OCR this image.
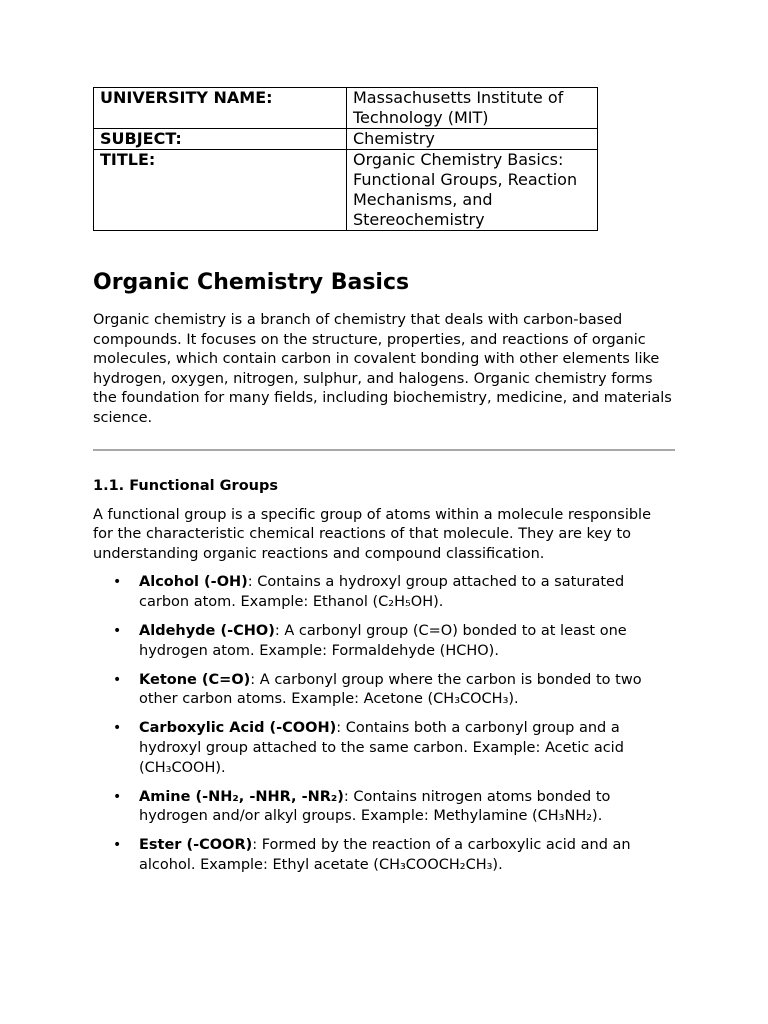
UNIVERSITY NAME:	Massachusetts Institute of Technology (MIT)
SUBJECT:	Chemistry
TITLE:	Organic Chemistry Basics: Functional Groups, Reaction Mechanisms, and Stereochemistry
Organic Chemistry Basics

Organic chemistry is a branch of chemistry that deals with carbon-based compounds. It focuses on the structure, properties, and reactions of organic molecules, which contain carbon in covalent bonding with other elements like hydrogen, oxygen, nitrogen, sulphur, and halogens. Organic chemistry forms the foundation for many fields, including biochemistry, medicine, and materials science.

1.1. Functional Groups

A functional group is a specific group of atoms within a molecule responsible for the characteristic chemical reactions of that molecule. They are key to understanding organic reactions and compound classification.

• Alcohol (-OH): Contains a hydroxyl group attached to a saturated carbon atom. Example: Ethanol (C₂H₅OH).
• Aldehyde (-CHO): A carbonyl group (C=O) bonded to at least one hydrogen atom. Example: Formaldehyde (HCHO).
• Ketone (C=O): A carbonyl group where the carbon is bonded to two other carbon atoms. Example: Acetone (CH₃COCH₃).
• Carboxylic Acid (-COOH): Contains both a carbonyl group and a hydroxyl group attached to the same carbon. Example: Acetic acid (CH₃COOH).
• Amine (-NH₂, -NHR, -NR₂): Contains nitrogen atoms bonded to hydrogen and/or alkyl groups. Example: Methylamine (CH₃NH₂).
• Ester (-COOR): Formed by the reaction of a carboxylic acid and an alcohol. Example: Ethyl acetate (CH₃COOCH₂CH₃).
